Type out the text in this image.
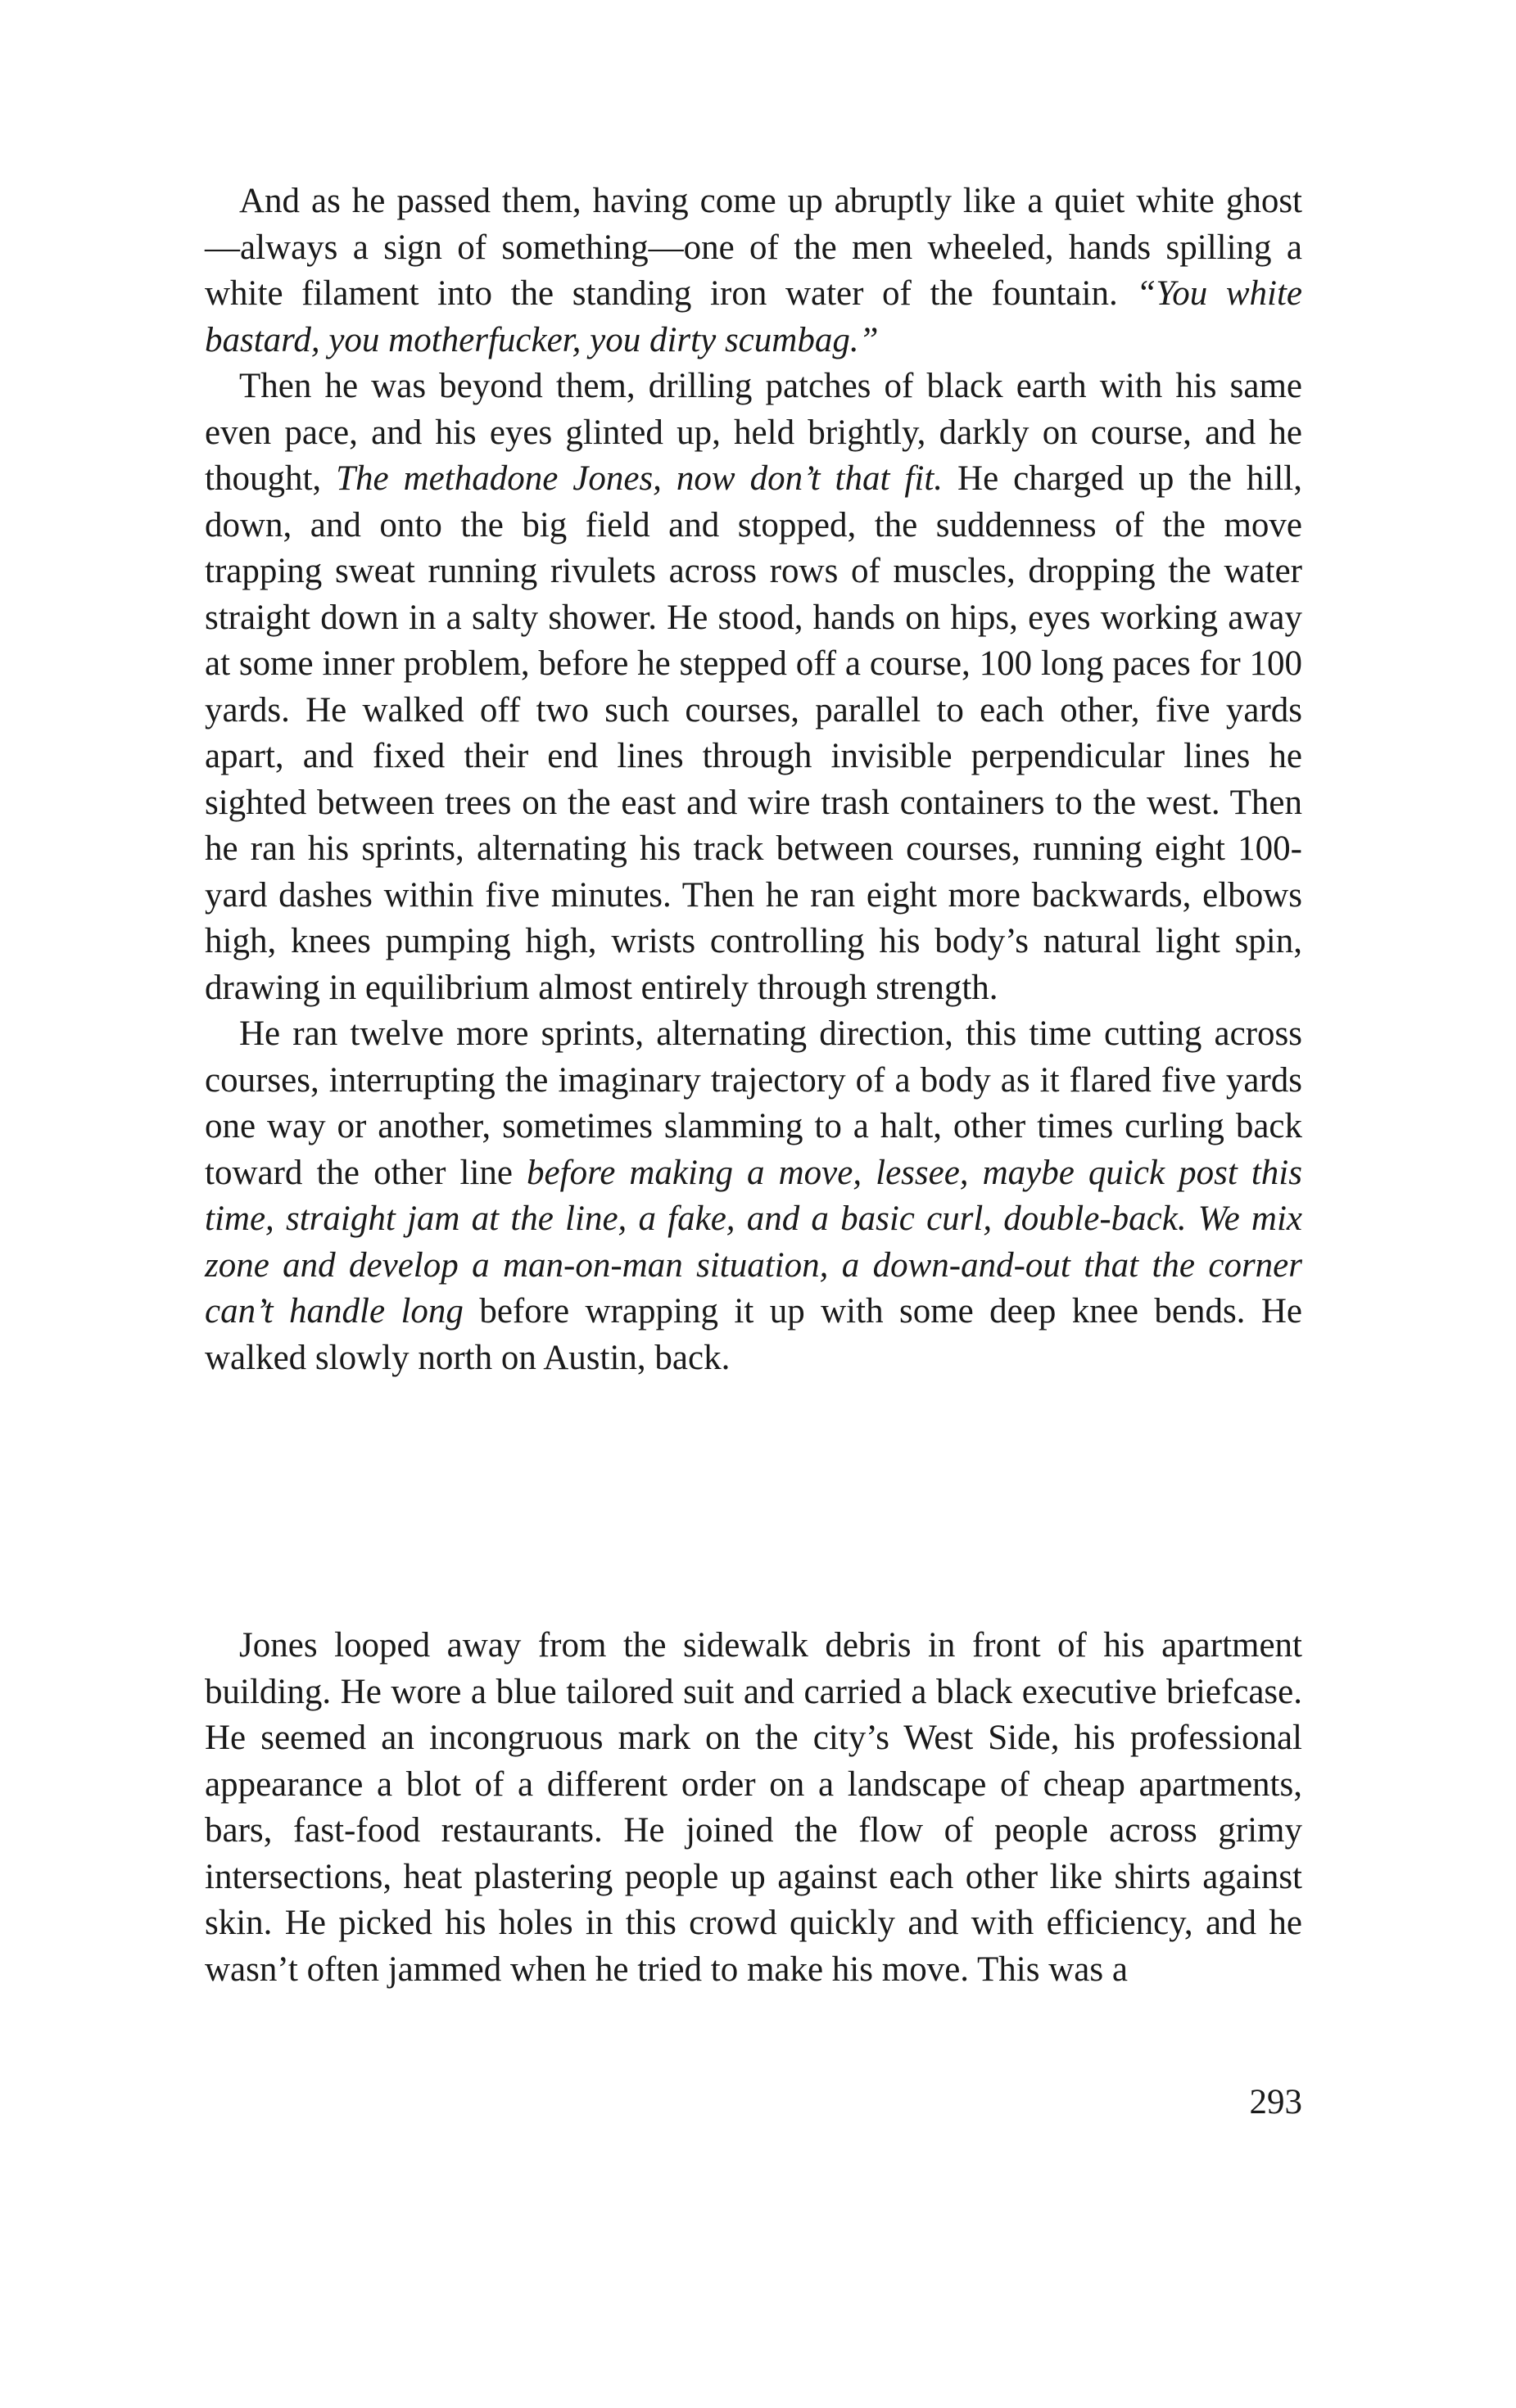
And as he passed them, having come up abruptly like a quiet white ghost—always a sign of something—one of the men wheeled, hands spilling a white filament into the standing iron water of the fountain. “You white bastard, you motherfucker, you dirty scumbag.”

Then he was beyond them, drilling patches of black earth with his same even pace, and his eyes glinted up, held brightly, darkly on course, and he thought, The methadone Jones, now don’t that fit. He charged up the hill, down, and onto the big field and stopped, the suddenness of the move trapping sweat running rivulets across rows of muscles, dropping the water straight down in a salty shower. He stood, hands on hips, eyes working away at some inner problem, before he stepped off a course, 100 long paces for 100 yards. He walked off two such courses, parallel to each other, five yards apart, and fixed their end lines through invisible perpendicular lines he sighted between trees on the east and wire trash containers to the west. Then he ran his sprints, alternating his track between courses, running eight 100-yard dashes within five minutes. Then he ran eight more backwards, elbows high, knees pumping high, wrists controlling his body’s natural light spin, drawing in equilibrium almost entirely through strength.

He ran twelve more sprints, alternating direction, this time cutting across courses, interrupting the imaginary trajectory of a body as it flared five yards one way or another, sometimes slamming to a halt, other times curling back toward the other line before making a move, lessee, maybe quick post this time, straight jam at the line, a fake, and a basic curl, double-back. We mix zone and develop a man-on-man situation, a down-and-out that the corner can’t handle long before wrapping it up with some deep knee bends. He walked slowly north on Austin, back.

Jones looped away from the sidewalk debris in front of his apartment building. He wore a blue tailored suit and carried a black executive briefcase. He seemed an incongruous mark on the city’s West Side, his professional appearance a blot of a different order on a landscape of cheap apartments, bars, fast-food restaurants. He joined the flow of people across grimy intersections, heat plastering people up against each other like shirts against skin. He picked his holes in this crowd quickly and with efficiency, and he wasn’t often jammed when he tried to make his move. This was a

293
